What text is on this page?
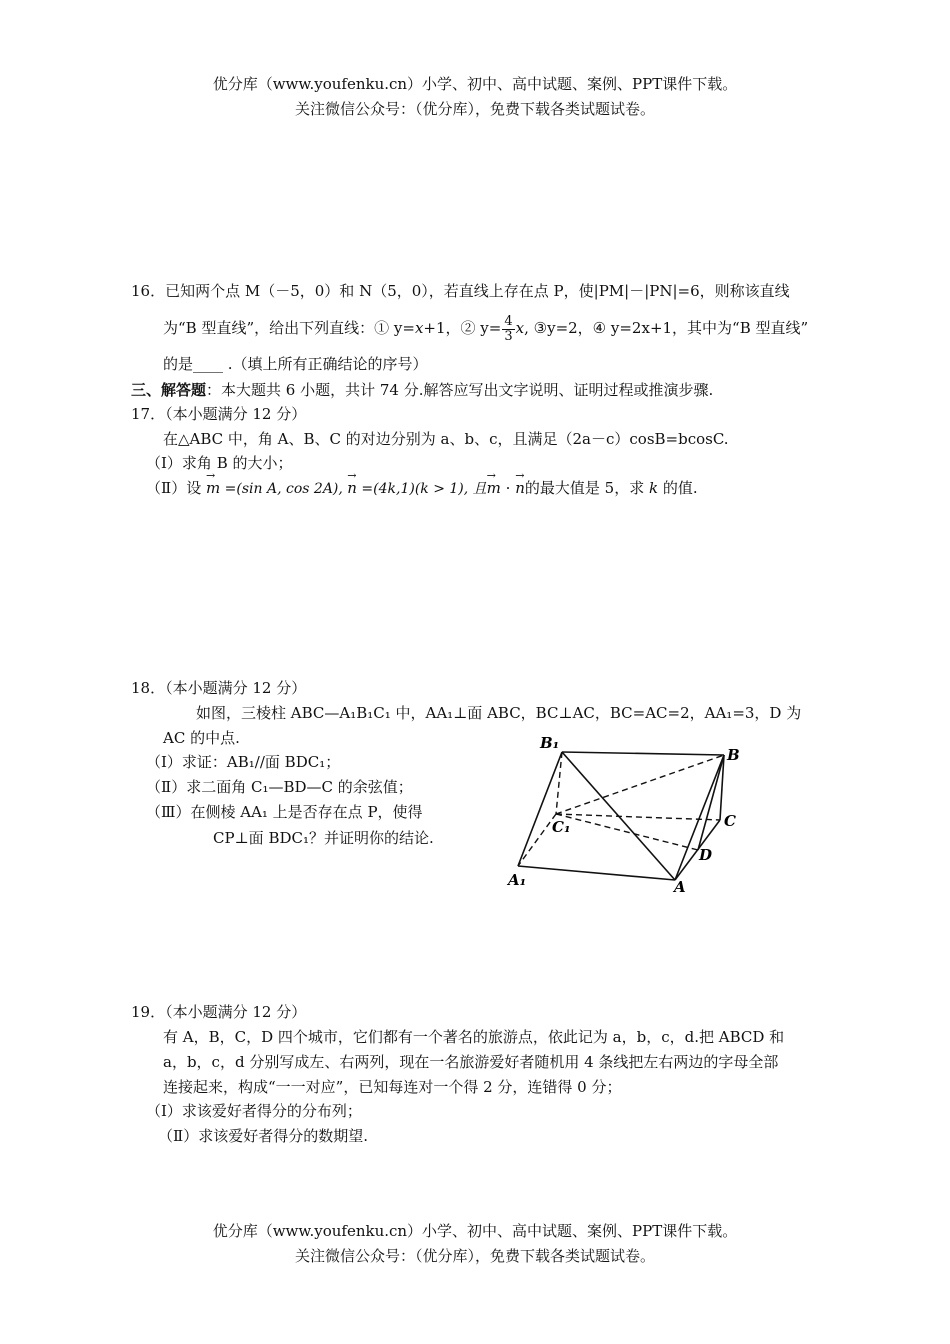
优分库（www.youfenku.cn）小学、初中、高中试题、案例、PPT课件下载。
关注微信公众号：（优分库），免费下载各类试题试卷。
16．已知两个点 M（－5，0）和 N（5，0），若直线上存在点 P，使|PM|－|PN|=6，则称该直线
为“B 型直线”，给出下列直线：① y=x+1，② $y= \frac{4}{3} x$, ③y=2，④ y=2x+1，其中为“B 型直线”
的是____ .（填上所有正确结论的序号）
三、解答题：本大题共 6 小题，共计 74 分.解答应写出文字说明、证明过程或推演步骤.
17．（本小题满分 12 分）
在△ABC 中，角 A、B、C 的对边分别为 a、b、c，且满足（2a－c）cosB=bcosC.
（Ⅰ）求角 B 的大小；
（Ⅱ）设 → m =(sin A, cos 2A), → n =(4k,1)(k > 1), 且→ m · → n的最大值是 5，求 k 的值.
18．（本小题满分 12 分）
如图，三棱柱 ABC—A₁B₁C₁ 中，AA₁⊥面 ABC，BC⊥AC，BC=AC=2，AA₁=3，D 为
AC 的中点.
（Ⅰ）求证：AB₁//面 BDC₁；
（Ⅱ）求二面角 C₁—BD—C 的余弦值；
（Ⅲ）在侧棱 AA₁ 上是否存在点 P，使得
CP⊥面 BDC₁？并证明你的结论.
B₁
B
C₁	C
D
A₁	A
19．（本小题满分 12 分）
有 A，B，C，D 四个城市，它们都有一个著名的旅游点，依此记为 a，b，c，d.把 ABCD 和
a，b，c，d 分别写成左、右两列，现在一名旅游爱好者随机用 4 条线把左右两边的字母全部
连接起来，构成“一一对应”，已知每连对一个得 2 分，连错得 0 分；
（Ⅰ）求该爱好者得分的分布列；
（Ⅱ）求该爱好者得分的数期望.
优分库（www.youfenku.cn）小学、初中、高中试题、案例、PPT课件下载。
关注微信公众号：（优分库），免费下载各类试题试卷。
